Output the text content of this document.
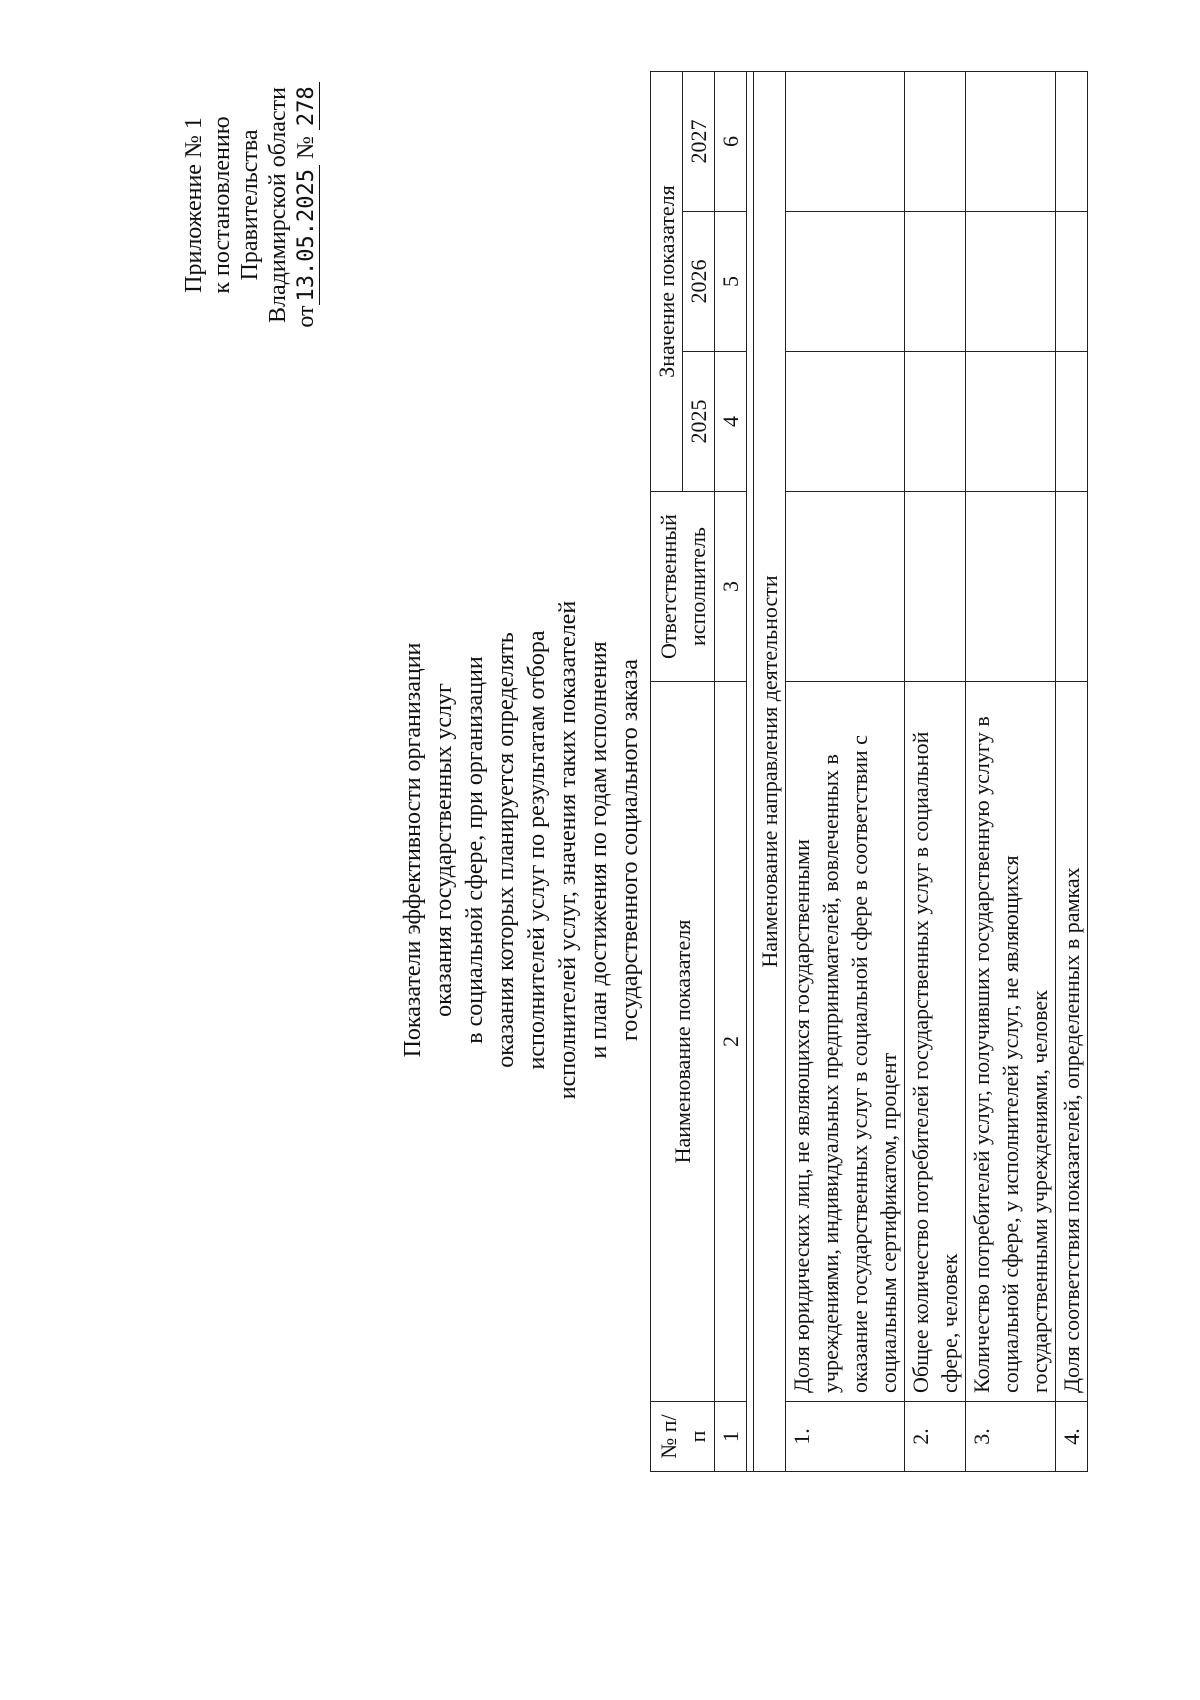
Приложение № 1 к постановлению Правительства Владимирской области от13.05.2025 № 278
Показатели эффективности организации оказания государственных услуг в социальной сфере, при организации оказания которых планируется определять исполнителей услуг по результатам отбора исполнителей услуг, значения таких показателей и план достижения по годам исполнения государственного социального заказа
№ п/п	Наименование показателя	Ответственный исполнитель	Значение показателя		
			2025	2026	2027
1	2	3	4	5	6

Наименование направления деятельности					
1.	Доля юридических лиц, не являющихся государственными учреждениями, индивидуальных предпринимателей, вовлеченных в оказание государственных услуг в социальной сфере в соответствии с социальным сертификатом, процент				
2.	Общее количество потребителей государственных услуг в социальной сфере, человек				
3.	Количество потребителей услуг, получивших государственную услугу в социальной сфере, у исполнителей услуг, не являющихся государственными учреждениями, человек				
4.	Доля соответствия показателей, определенных в рамках				
